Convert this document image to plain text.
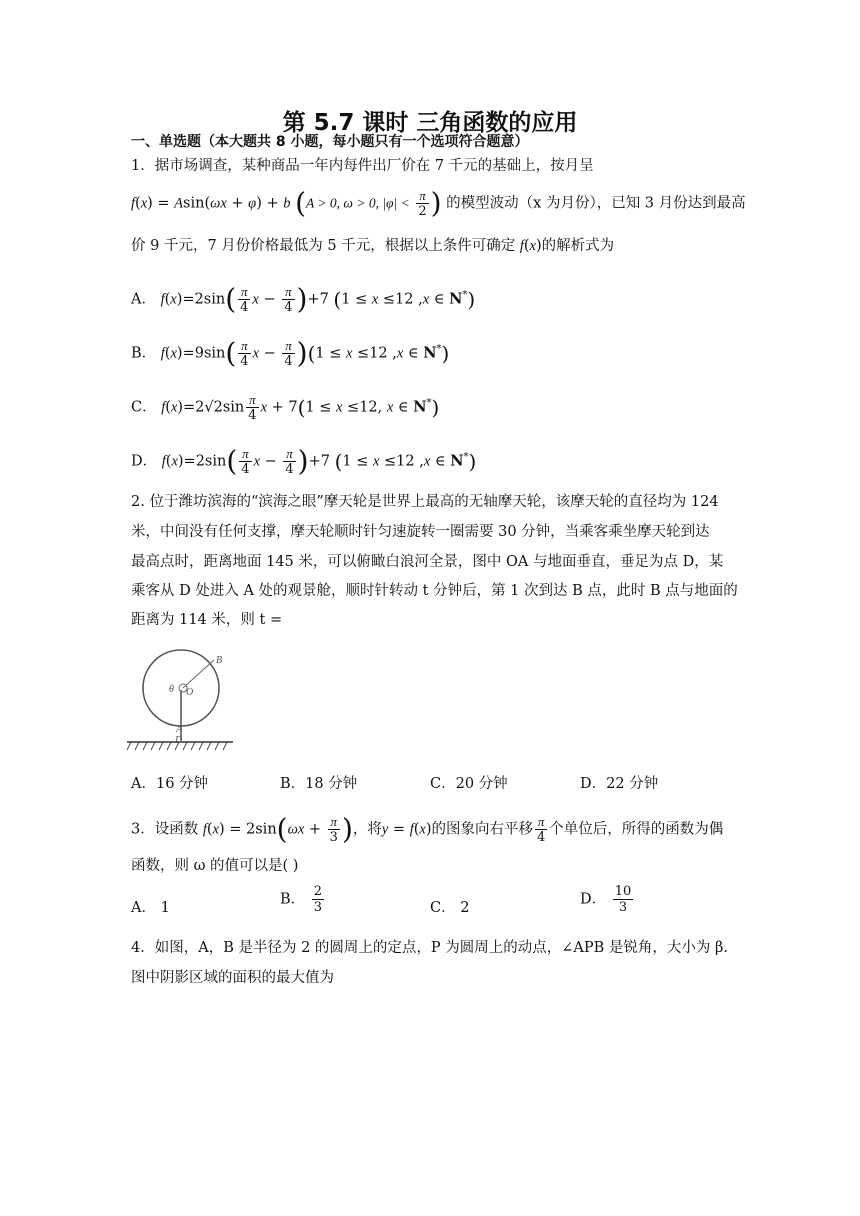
第 5.7 课时 三角函数的应用
一、单选题（本大题共 8 小题，每小题只有一个选项符合题意）
1．据市场调查，某种商品一年内每件出厂价在 7 千元的基础上，按月呈
f(x) = Asin(ωx + φ) + b (A > 0, ω > 0, $|\varphi| < \frac{\pi}{2}$ ) 的模型波动（x 为月份），已知 3 月份达到最高
价 9 千元，7 月份价格最低为 5 千元，根据以上条件可确定 f(x)的解析式为
A． $f(x)=2\sin( \frac{\pi}{4}$ $x - \frac{\pi}{4} )+7$ (1 ≤ x ≤12 ,x ∈ N*)
B． $f(x)=9\sin( \frac{\pi}{4}$ $x - \frac{\pi}{4} )(1 \le x \le 12$ ,x ∈ N*)
C． $f(x)=2√2\sin \frac{\pi}{4}$ x + 7(1 ≤ x ≤12, x ∈ N*)
D． $f(x)=2\sin( \frac{\pi}{4}$ $x - \frac{\pi}{4} )+7$ (1 ≤ x ≤12 ,x ∈ N*)
2. 位于潍坊滨海的“滨海之眼”摩天轮是世界上最高的无轴摩天轮，该摩天轮的直径均为 124
米，中间没有任何支撑，摩天轮顺时针匀速旋转一圈需要 30 分钟，当乘客乘坐摩天轮到达
最高点时，距离地面 145 米，可以俯瞰白浪河全景，图中 OA 与地面垂直，垂足为点 D，某
乘客从 D 处进入 A 处的观景舱，顺时针转动 t 分钟后，第 1 次到达 B 点，此时 B 点与地面的
距离为 114 米，则 t =
B
θ O
A
D
A．16 分钟	B．18 分钟	C．20 分钟	D．22 分钟
3．设函数 $f(x) = 2\sin(\omega x + \frac{\pi}{3}$ )，将y = f(x)的图象向右平移 $\frac{\pi}{4}$ 个单位后，所得的函数为偶
函数，则 ω 的值可以是( )
A． 1
B． $\frac{2}{3}$	C． 2
D． $\frac{10}{3}$
4．如图，A，B 是半径为 2 的圆周上的定点，P 为圆周上的动点，∠APB 是锐角，大小为 β.
图中阴影区域的面积的最大值为
